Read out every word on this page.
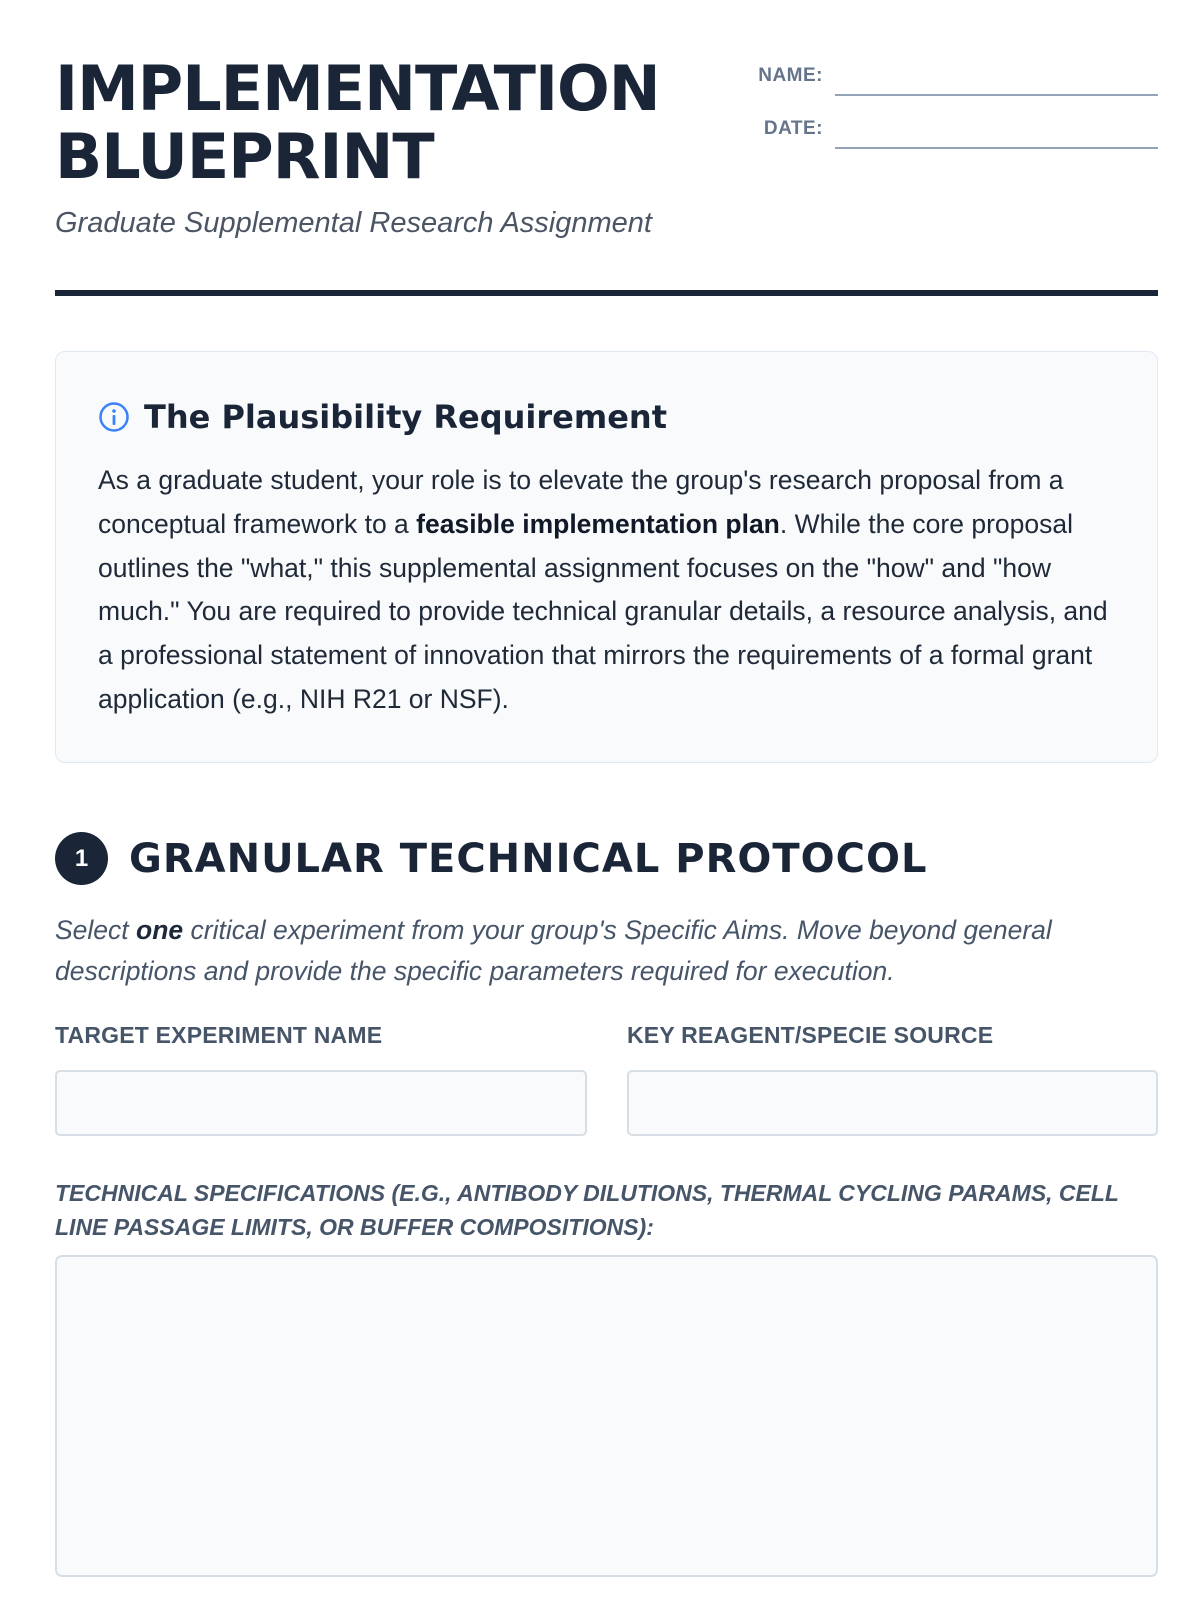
IMPLEMENTATION
BLUEPRINT
Graduate Supplemental Research Assignment
NAME:
DATE:
The Plausibility Requirement

As a graduate student, your role is to elevate the group's research proposal from a conceptual framework to a feasible implementation plan. While the core proposal outlines the "what," this supplemental assignment focuses on the "how" and "how much." You are required to provide technical granular details, a resource analysis, and a professional statement of innovation that mirrors the requirements of a formal grant application (e.g., NIH R21 or NSF).

1	GRANULAR TECHNICAL PROTOCOL

Select one critical experiment from your group's Specific Aims. Move beyond general descriptions and provide the specific parameters required for execution.

TARGET EXPERIMENT NAME	KEY REAGENT/SPECIE SOURCE
TECHNICAL SPECIFICATIONS (E.G., ANTIBODY DILUTIONS, THERMAL CYCLING PARAMS, CELL LINE PASSAGE LIMITS, OR BUFFER COMPOSITIONS):
